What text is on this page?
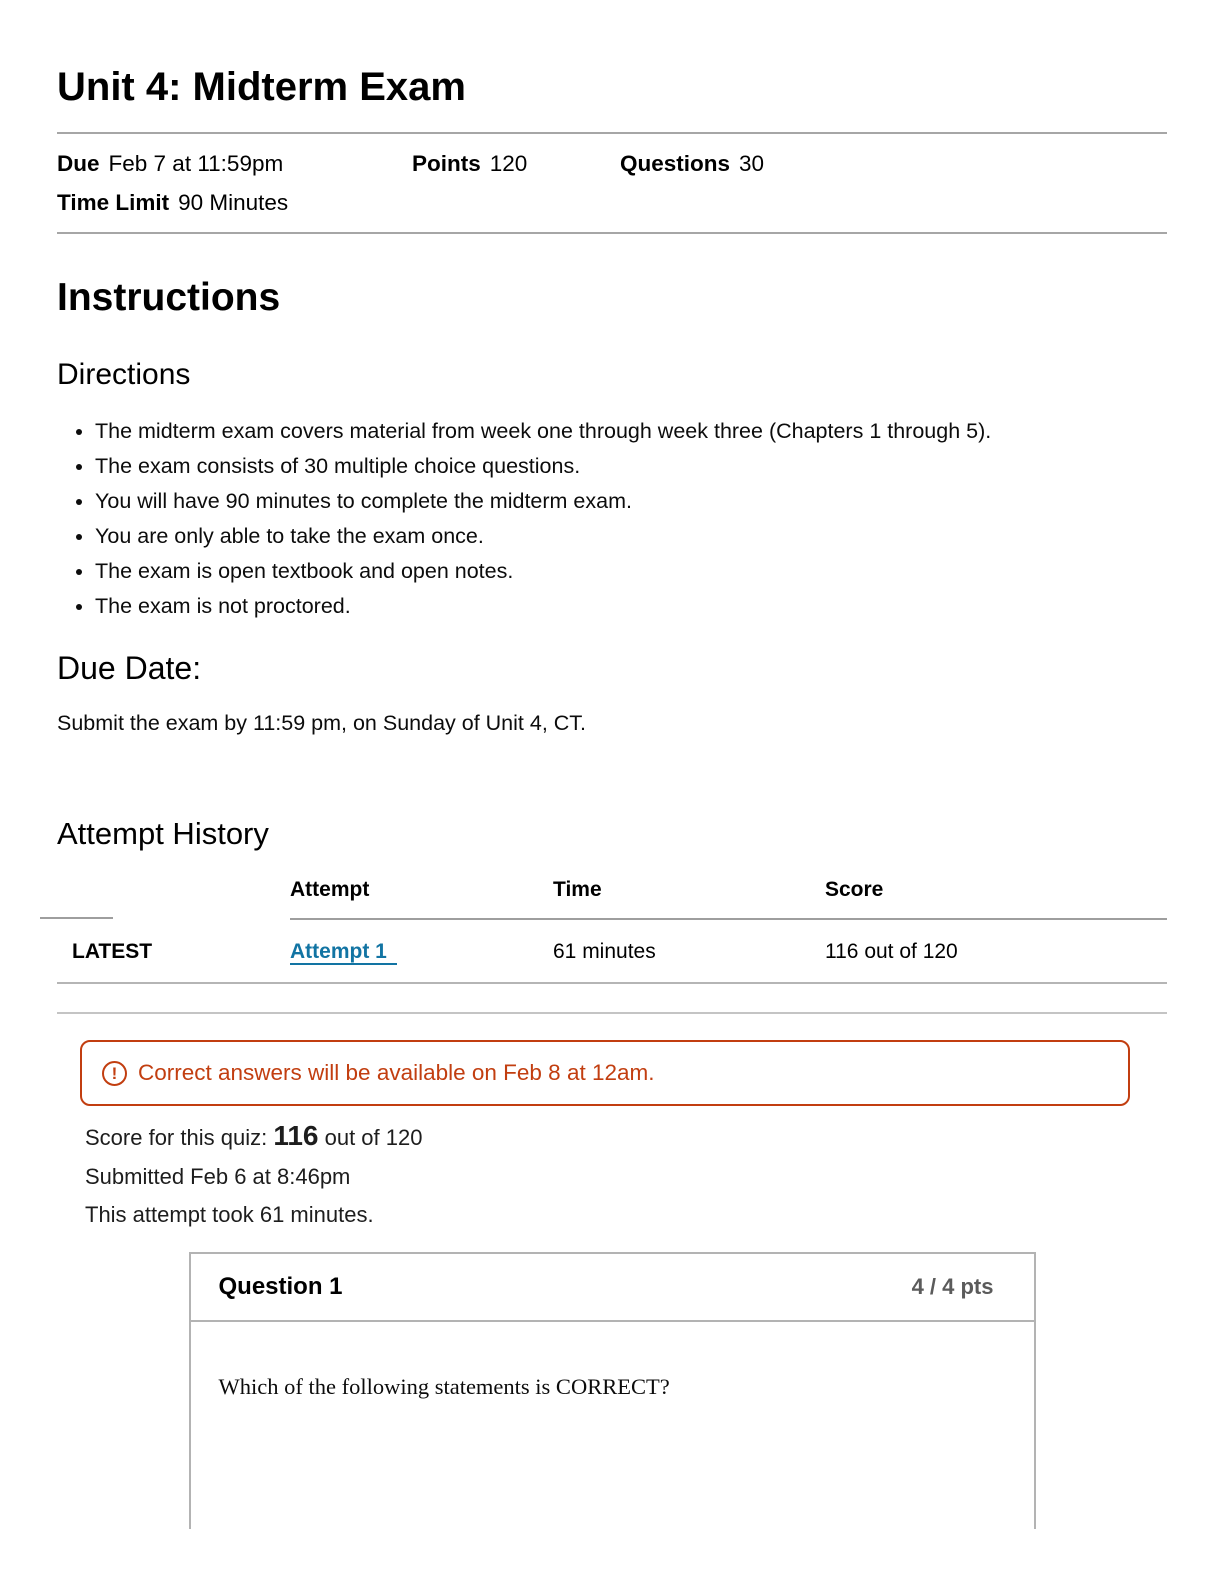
Unit 4: Midterm Exam
Due Feb 7 at 11:59pm	Points 120	Questions 30
Time Limit 90 Minutes
Instructions
Directions
• The midterm exam covers material from week one through week three (Chapters 1 through 5).
• The exam consists of 30 multiple choice questions.
• You will have 90 minutes to complete the midterm exam.
• You are only able to take the exam once.
• The exam is open textbook and open notes.
• The exam is not proctored.
Due Date:

Submit the exam by 11:59 pm, on Sunday of Unit 4, CT.

Attempt History
	Attempt	Time	Score
LATEST	Attempt 1	61 minutes	116 out of 120
! Correct answers will be available on Feb 8 at 12am.
Score for this quiz: 116 out of 120
Submitted Feb 6 at 8:46pm
This attempt took 61 minutes.
Question 1	4 / 4 pts
Which of the following statements is CORRECT?
